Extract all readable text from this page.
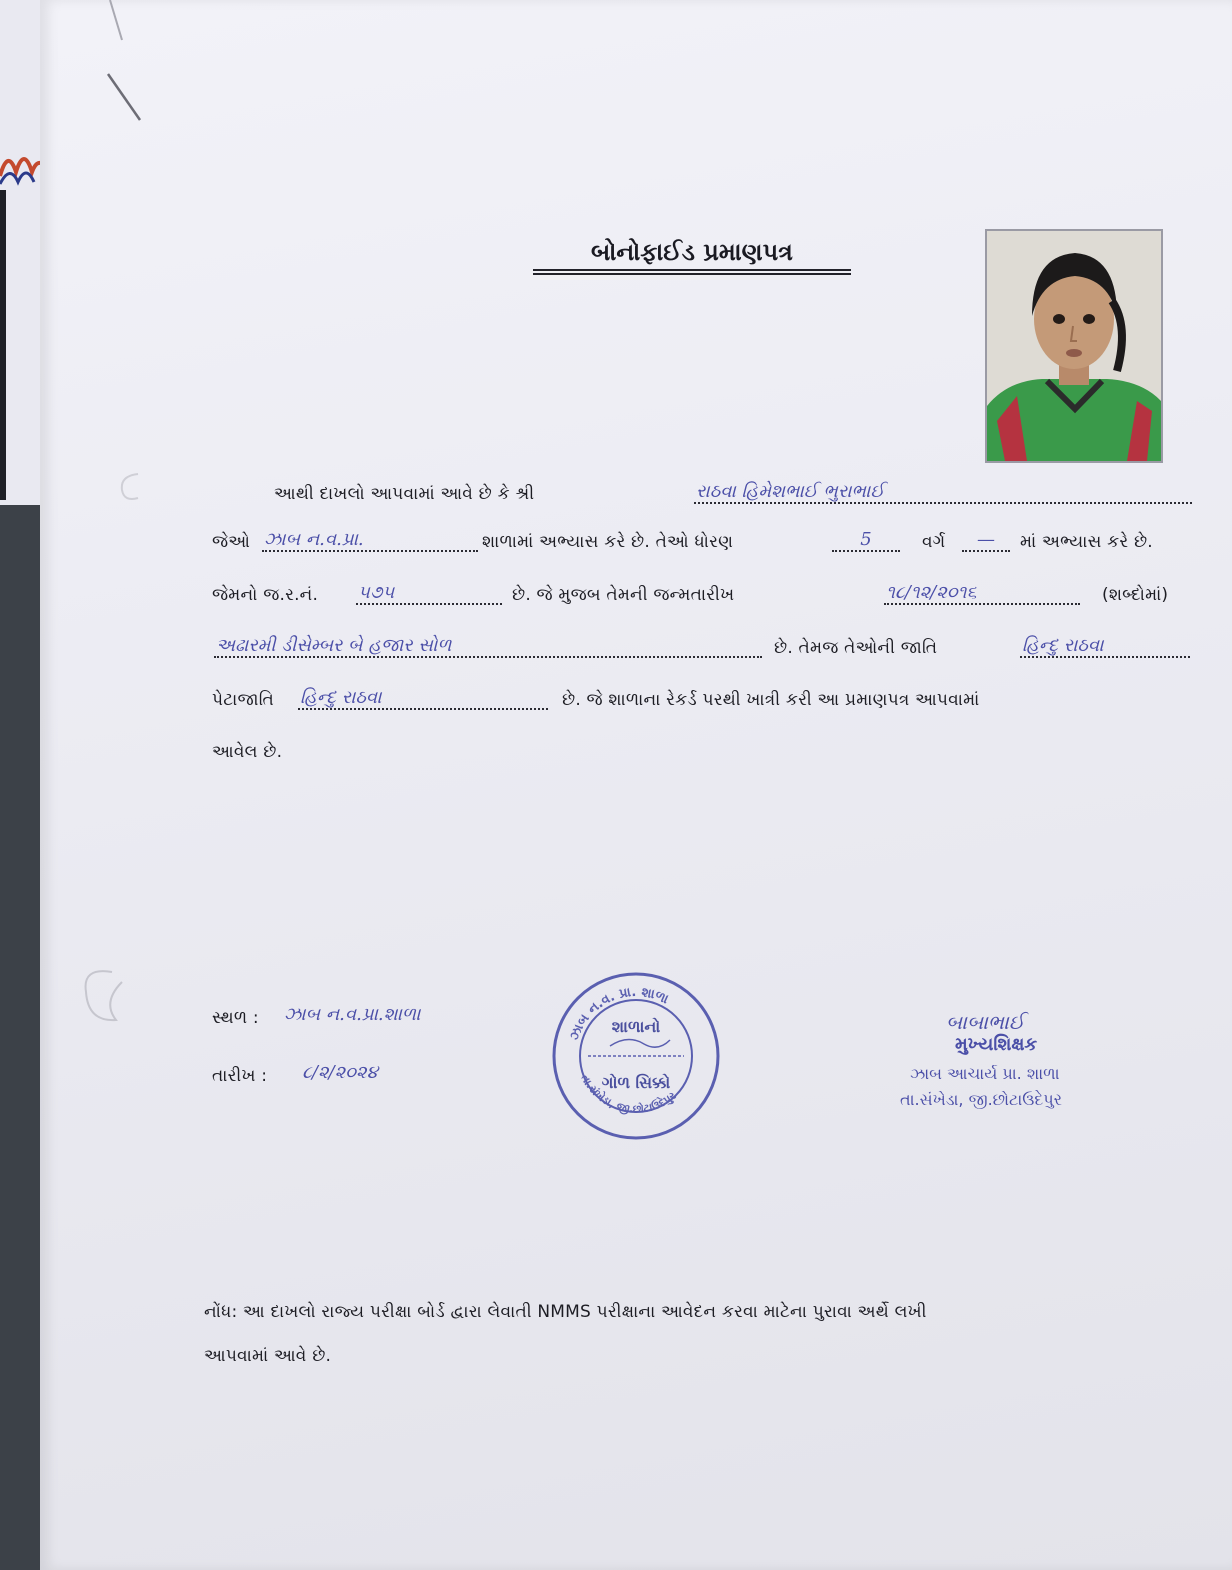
બોનોફાઈડ પ્રમાણપત્ર
આથી દાખલો આપવામાં આવે છે કે શ્રી	રાઠવા હિમેશભાઈ ભુરાભાઈ
જેઓ ઝાબ ન.વ.પ્રા.	શાળામાં અભ્યાસ કરે છે. તેઓ ધોરણ	5	વર્ગ	—	માં અભ્યાસ કરે છે.
જેમનો જ.ર.નં. ૫૭૫	છે. જે મુજબ તેમની જન્મતારીખ	૧૮/૧૨/૨૦૧૬	(શબ્દોમાં)
અઢારમી ડીસેમ્બર બે હજાર સોળ	છે. તેમજ તેઓની જાતિ	હિન્દુ રાઠવા
પેટાજાતિ હિન્દુ રાઠવા	છે. જે શાળાના રેકર્ડ પરથી ખાત્રી કરી આ પ્રમાણપત્ર આપવામાં
આવેલ છે.
સ્થળ : ઝાબ ન.વ.પ્રા.શાળા
તારીખ : ૮/૨/૨૦૨૪
ઝાબ ન.વ. પ્રા. શાળા
તા.સંખેડા, જી.છોટાઉદેપુર
શાળાનો
ગોળ સિક્કો
બાબાભાઈ
મુખ્યશિક્ષક
ઝાબ આચાર્ય પ્રા. શાળા
તા.સંખેડા, જી.છોટાઉદેપુર
નોંધ: આ દાખલો રાજ્ય પરીક્ષા બોર્ડ દ્વારા લેવાતી NMMS પરીક્ષાના આવેદન કરવા માટેના પુરાવા અર્થે લખી
આપવામાં આવે છે.
